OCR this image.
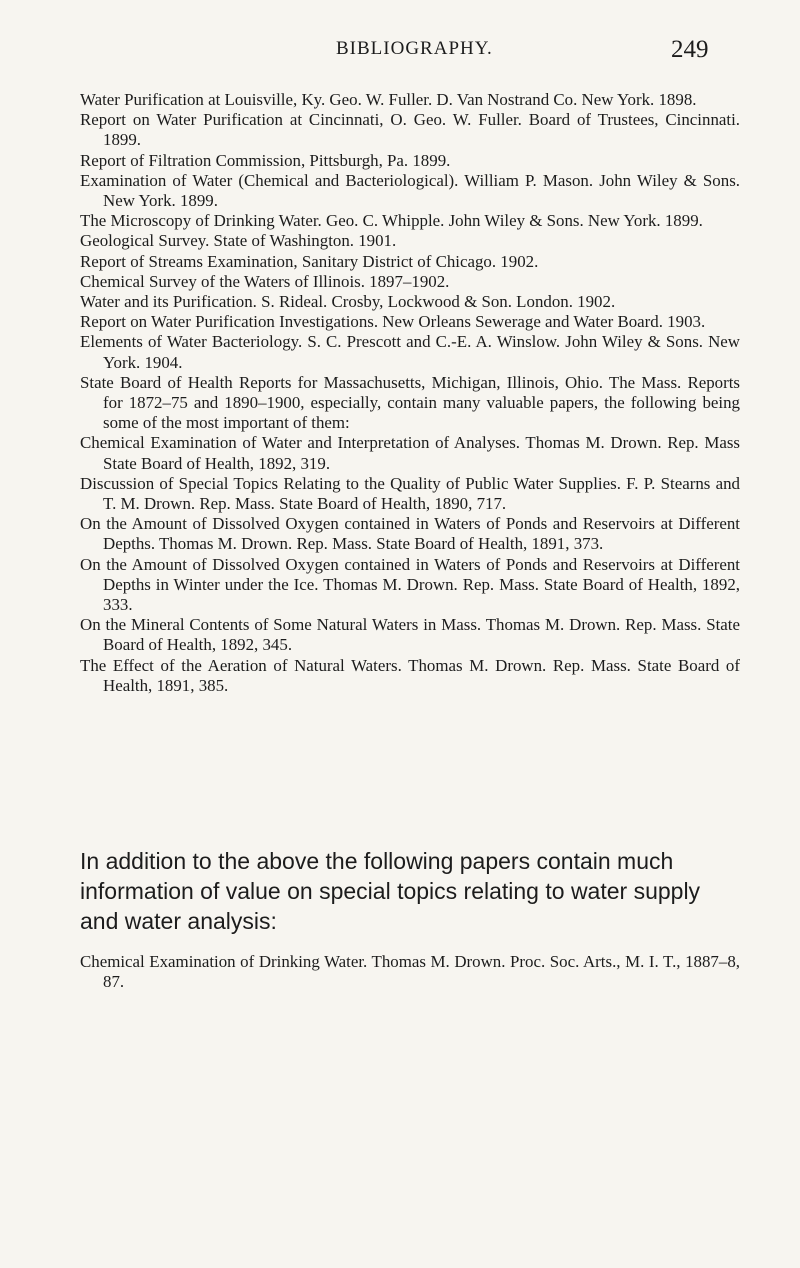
BIBLIOGRAPHY.	249

Water Purification at Louisville, Ky. Geo. W. Fuller. D. Van Nostrand Co. New York. 1898.

Report on Water Purification at Cincinnati, O. Geo. W. Fuller. Board of Trustees, Cincinnati. 1899.

Report of Filtration Commission, Pittsburgh, Pa. 1899.

Examination of Water (Chemical and Bacteriological). William P. Mason. John Wiley & Sons. New York. 1899.

The Microscopy of Drinking Water. Geo. C. Whipple. John Wiley & Sons. New York. 1899.

Geological Survey. State of Washington. 1901.

Report of Streams Examination, Sanitary District of Chicago. 1902.

Chemical Survey of the Waters of Illinois. 1897–1902.

Water and its Purification. S. Rideal. Crosby, Lockwood & Son. London. 1902.

Report on Water Purification Investigations. New Orleans Sewerage and Water Board. 1903.

Elements of Water Bacteriology. S. C. Prescott and C.-E. A. Winslow. John Wiley & Sons. New York. 1904.

State Board of Health Reports for Massachusetts, Michigan, Illinois, Ohio. The Mass. Reports for 1872–75 and 1890–1900, especially, contain many valuable papers, the following being some of the most important of them:

Chemical Examination of Water and Interpretation of Analyses. Thomas M. Drown. Rep. Mass State Board of Health, 1892, 319.

Discussion of Special Topics Relating to the Quality of Public Water Supplies. F. P. Stearns and T. M. Drown. Rep. Mass. State Board of Health, 1890, 717.

On the Amount of Dissolved Oxygen contained in Waters of Ponds and Reservoirs at Different Depths. Thomas M. Drown. Rep. Mass. State Board of Health, 1891, 373.

On the Amount of Dissolved Oxygen contained in Waters of Ponds and Reservoirs at Different Depths in Winter under the Ice. Thomas M. Drown. Rep. Mass. State Board of Health, 1892, 333.

On the Mineral Contents of Some Natural Waters in Mass. Thomas M. Drown. Rep. Mass. State Board of Health, 1892, 345.

The Effect of the Aeration of Natural Waters. Thomas M. Drown. Rep. Mass. State Board of Health, 1891, 385.

In addition to the above the following papers contain much information of value on special topics relating to water supply and water analysis:

Chemical Examination of Drinking Water. Thomas M. Drown. Proc. Soc. Arts., M. I. T., 1887–8, 87.
